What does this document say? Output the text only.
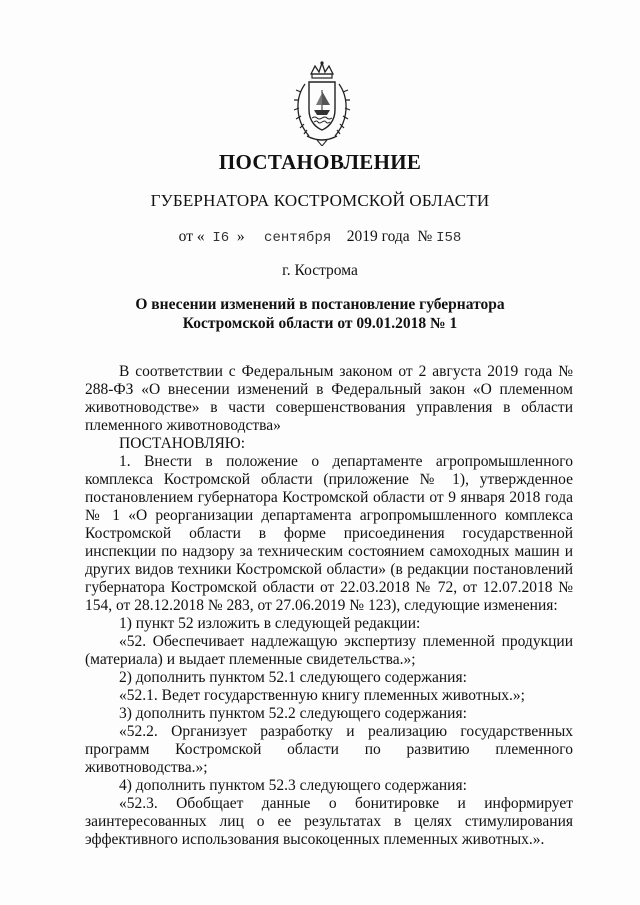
ПОСТАНОВЛЕНИЕ
ГУБЕРНАТОРА КОСТРОМСКОЙ ОБЛАСТИ
от « I6 » сентября 2019 года № I58
г. Кострома
О внесении изменений в постановление губернатора
Костромской области от 09.01.2018 № 1

В соответствии с Федеральным законом от 2 августа 2019 года № 288-ФЗ «О внесении изменений в Федеральный закон «О племенном животноводстве» в части совершенствования управления в области племенного животноводства»

ПОСТАНОВЛЯЮ:

1. Внести в положение о департаменте агропромышленного комплекса Костромской области (приложение № 1), утвержденное постановлением губернатора Костромской области от 9 января 2018 года № 1 «О реорганизации департамента агропромышленного комплекса Костромской области в форме присоединения государственной инспекции по надзору за техническим состоянием самоходных машин и других видов техники Костромской области» (в редакции постановлений губернатора Костромской области от 22.03.2018 № 72, от 12.07.2018 № 154, от 28.12.2018 № 283, от 27.06.2019 № 123), следующие изменения:

1) пункт 52 изложить в следующей редакции:

«52. Обеспечивает надлежащую экспертизу племенной продукции (материала) и выдает племенные свидетельства.»;

2) дополнить пунктом 52.1 следующего содержания:

«52.1. Ведет государственную книгу племенных животных.»;

3) дополнить пунктом 52.2 следующего содержания:

«52.2. Организует разработку и реализацию государственных программ Костромской области по развитию племенного животноводства.»;

4) дополнить пунктом 52.3 следующего содержания:

«52.3. Обобщает данные о бонитировке и информирует заинтересованных лиц о ее результатах в целях стимулирования эффективного использования высокоценных племенных животных.».
